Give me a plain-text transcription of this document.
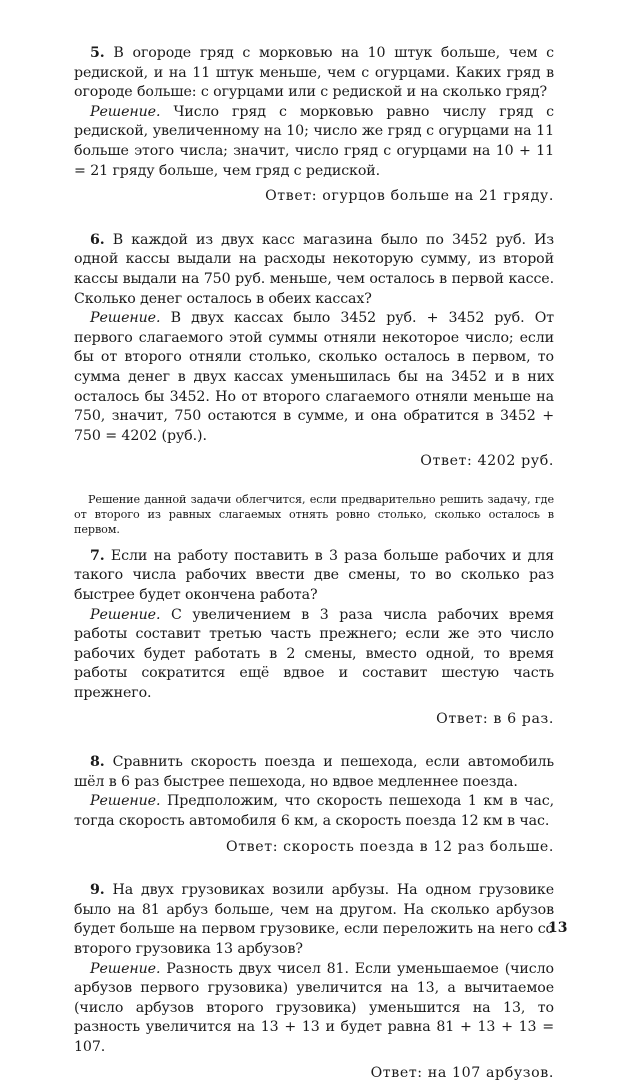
5. В огороде гряд с морковью на 10 штук больше, чем с редиской, и на 11 штук меньше, чем с огурцами. Каких гряд в огороде больше: с огурцами или с редиской и на сколько гряд?

Решение. Число гряд с морковью равно числу гряд с редиской, увеличенному на 10; число же гряд с огурцами на 11 больше этого числа; значит, число гряд с огурцами на 10 + 11 = 21 гряду больше, чем гряд с редиской.

Ответ: огурцов больше на 21 гряду.

6. В каждой из двух касс магазина было по 3452 руб. Из одной кассы выдали на расходы некоторую сумму, из второй кассы выдали на 750 руб. меньше, чем осталось в первой кассе. Сколько денег осталось в обеих кассах?

Решение. В двух кассах было 3452 руб. + 3452 руб. От первого слагаемого этой суммы отняли некоторое число; если бы от второго отняли столько, сколько осталось в первом, то сумма денег в двух кассах уменьшилась бы на 3452 и в них осталось бы 3452. Но от второго слагаемого отняли меньше на 750, значит, 750 остаются в сумме, и она обратится в 3452 + 750 = 4202 (руб.).

Ответ: 4202 руб.

Решение данной задачи облегчится, если предварительно решить задачу, где от второго из равных слагаемых отнять ровно столько, сколько осталось в первом.

7. Если на работу поставить в 3 раза больше рабочих и для такого числа рабочих ввести две смены, то во сколько раз быстрее будет окончена работа?

Решение. С увеличением в 3 раза числа рабочих время работы составит третью часть прежнего; если же это число рабочих будет работать в 2 смены, вместо одной, то время работы сократится ещё вдвое и составит шестую часть прежнего.

Ответ: в 6 раз.

8. Сравнить скорость поезда и пешехода, если автомобиль шёл в 6 раз быстрее пешехода, но вдвое медленнее поезда.

Решение. Предположим, что скорость пешехода 1 км в час, тогда скорость автомобиля 6 км, а скорость поезда 12 км в час.

Ответ: скорость поезда в 12 раз больше.

9. На двух грузовиках возили арбузы. На одном грузовике было на 81 арбуз больше, чем на другом. На сколько арбузов будет больше на первом грузовике, если переложить на него со второго грузовика 13 арбузов?

Решение. Разность двух чисел 81. Если уменьшаемое (число арбузов первого грузовика) увеличится на 13, а вычитаемое (число арбузов второго грузовика) уменьшится на 13, то разность увеличится на 13 + 13 и будет равна 81 + 13 + 13 = 107.

Ответ: на 107 арбузов.

13
